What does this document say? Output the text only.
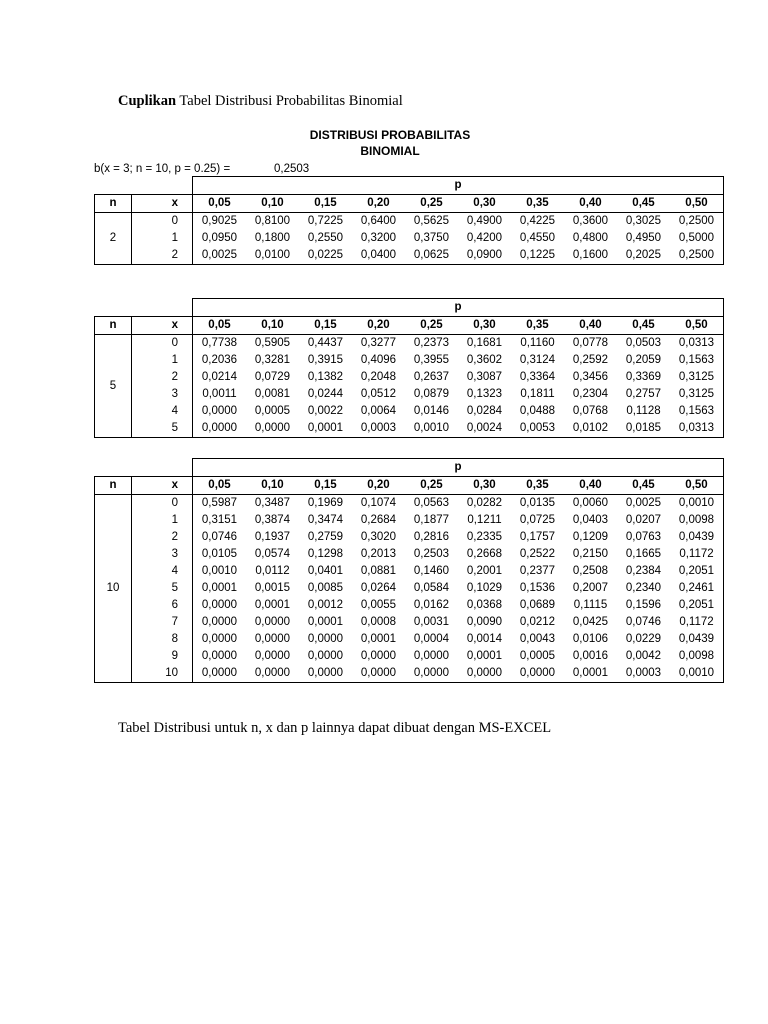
Cuplikan Tabel Distribusi Probabilitas Binomial
DISTRIBUSI PROBABILITAS
BINOMIAL
b(x = 3; n = 10, p = 0.25) =	0,2503
		p									
n	x	0,05	0,10	0,15	0,20	0,25	0,30	0,35	0,40	0,45	0,50
2	0	0,9025	0,8100	0,7225	0,6400	0,5625	0,4900	0,4225	0,3600	0,3025	0,2500
	1	0,0950	0,1800	0,2550	0,3200	0,3750	0,4200	0,4550	0,4800	0,4950	0,5000
	2	0,0025	0,0100	0,0225	0,0400	0,0625	0,0900	0,1225	0,1600	0,2025	0,2500
		p									
n	x	0,05	0,10	0,15	0,20	0,25	0,30	0,35	0,40	0,45	0,50
5	0	0,7738	0,5905	0,4437	0,3277	0,2373	0,1681	0,1160	0,0778	0,0503	0,0313
	1	0,2036	0,3281	0,3915	0,4096	0,3955	0,3602	0,3124	0,2592	0,2059	0,1563
	2	0,0214	0,0729	0,1382	0,2048	0,2637	0,3087	0,3364	0,3456	0,3369	0,3125
	3	0,0011	0,0081	0,0244	0,0512	0,0879	0,1323	0,1811	0,2304	0,2757	0,3125
	4	0,0000	0,0005	0,0022	0,0064	0,0146	0,0284	0,0488	0,0768	0,1128	0,1563
	5	0,0000	0,0000	0,0001	0,0003	0,0010	0,0024	0,0053	0,0102	0,0185	0,0313
		p									
n	x	0,05	0,10	0,15	0,20	0,25	0,30	0,35	0,40	0,45	0,50
10	0	0,5987	0,3487	0,1969	0,1074	0,0563	0,0282	0,0135	0,0060	0,0025	0,0010
	1	0,3151	0,3874	0,3474	0,2684	0,1877	0,1211	0,0725	0,0403	0,0207	0,0098
	2	0,0746	0,1937	0,2759	0,3020	0,2816	0,2335	0,1757	0,1209	0,0763	0,0439
	3	0,0105	0,0574	0,1298	0,2013	0,2503	0,2668	0,2522	0,2150	0,1665	0,1172
	4	0,0010	0,0112	0,0401	0,0881	0,1460	0,2001	0,2377	0,2508	0,2384	0,2051
	5	0,0001	0,0015	0,0085	0,0264	0,0584	0,1029	0,1536	0,2007	0,2340	0,2461
	6	0,0000	0,0001	0,0012	0,0055	0,0162	0,0368	0,0689	0,1115	0,1596	0,2051
	7	0,0000	0,0000	0,0001	0,0008	0,0031	0,0090	0,0212	0,0425	0,0746	0,1172
	8	0,0000	0,0000	0,0000	0,0001	0,0004	0,0014	0,0043	0,0106	0,0229	0,0439
	9	0,0000	0,0000	0,0000	0,0000	0,0000	0,0001	0,0005	0,0016	0,0042	0,0098
	10	0,0000	0,0000	0,0000	0,0000	0,0000	0,0000	0,0000	0,0001	0,0003	0,0010
Tabel Distribusi untuk n, x dan p lainnya dapat dibuat dengan MS-EXCEL
